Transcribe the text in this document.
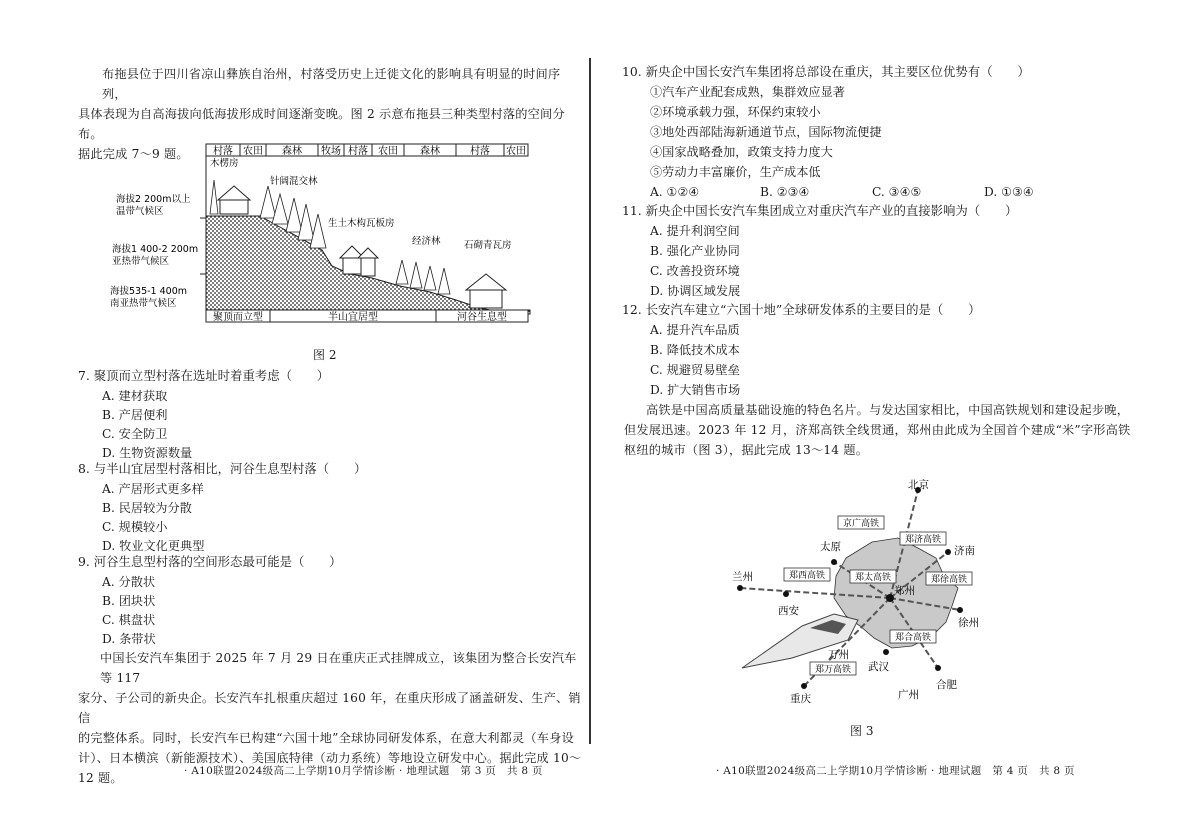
布拖县位于四川省凉山彝族自治州，村落受历史上迁徙文化的影响具有明显的时间序列，
具体表现为自高海拔向低海拔形成时间逐渐变晚。图 2 示意布拖县三种类型村落的空间分布。
据此完成 7～9 题。	村落 农田 森林 牧场 村落 农田 森林	村落 农田
海拔2 200m以上
温带气候区
海拔1 400-2 200m
亚热带气候区
海拔535-1 400m
南亚热带气候区
木楞房
针阔混交林
生土木构瓦板房
经济林 石砌青瓦房
聚顶而立型	半山宜居型	河谷生息型
图 2
7. 聚顶而立型村落在选址时着重考虑（　　）
A. 建材获取
B. 产居便利
C. 安全防卫
D. 生物资源数量
8. 与半山宜居型村落相比，河谷生息型村落（　　）
A. 产居形式更多样
B. 民居较为分散
C. 规模较小
D. 牧业文化更典型
9. 河谷生息型村落的空间形态最可能是（　　）
A. 分散状
B. 团块状
C. 棋盘状
D. 条带状
中国长安汽车集团于 2025 年 7 月 29 日在重庆正式挂牌成立，该集团为整合长安汽车等 117
家分、子公司的新央企。长安汽车扎根重庆超过 160 年，在重庆形成了涵盖研发、生产、销信
的完整体系。同时，长安汽车已构建“六国十地”全球协同研发体系，在意大利都灵（车身设
计）、日本横滨（新能源技术）、美国底特律（动力系统）等地设立研发中心。据此完成 10～
12 题。	· A10联盟2024级高二上学期10月学情诊断 · 地理试题　第 3 页　共 8 页
10. 新央企中国长安汽车集团将总部设在重庆，其主要区位优势有（　　）
①汽车产业配套成熟，集群效应显著
②环境承载力强，环保约束较小
③地处西部陆海新通道节点，国际物流便捷
④国家战略叠加，政策支持力度大
⑤劳动力丰富廉价，生产成本低
A. ①②④	B. ②③④	C. ③④⑤	D. ①③④
11. 新央企中国长安汽车集团成立对重庆汽车产业的直接影响为（　　）
A. 提升利润空间
B. 强化产业协同
C. 改善投资环境
D. 协调区域发展
12. 长安汽车建立“六国十地”全球研发体系的主要目的是（　　）
A. 提升汽车品质
B. 降低技术成本
C. 规避贸易壁垒
D. 扩大销售市场
高铁是中国高质量基础设施的特色名片。与发达国家相比，中国高铁规划和建设起步晚，
但发展迅速。2023 年 12 月，济郑高铁全线贯通，郑州由此成为全国首个建成“米”字形高铁
枢纽的城市（图 3），据此完成 13～14 题。
北京
太原	济南
兰州
西安
郑州
徐州
合肥
万州
武汉
重庆	广州
京广高铁
郑济高铁
郑西高铁	郑太高铁	郑徐高铁
郑合高铁
郑万高铁
图 3
· A10联盟2024级高二上学期10月学情诊断 · 地理试题　第 4 页　共 8 页
